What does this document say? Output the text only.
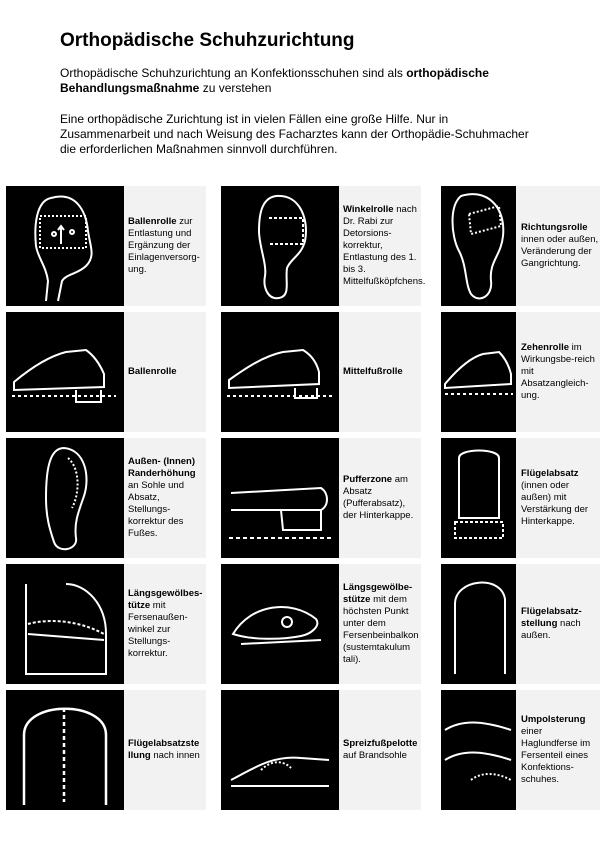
Orthopädische Schuhzurichtung

Orthopädische Schuhzurichtung an Konfektionsschuhen sind als orthopädische Behandlungsmaßnahme zu verstehen

Eine orthopädische Zurichtung ist in vielen Fällen eine große Hilfe. Nur in Zusammenarbeit und nach Weisung des Facharztes kann der Orthopädie-Schuhmacher die erforderlichen Maßnahmen sinnvoll durchführen.

Ballenrolle zur Entlastung und Ergänzung der Einlagenversorg-ung.
Winkelrolle nach Dr. Rabi zur Detorsions-korrektur, Entlastung des 1. bis 3. Mittelfußköpfchens.
Richtungsrolle innen oder außen, Veränderung der Gangrichtung.
Ballenrolle	Mittelfußrolle
Zehenrolle im Wirkungsbe-reich mit Absatzangleich-ung.
Außen- (Innen) Randerhöhung an Sohle und Absatz, Stellungs-korrektur des Fußes.
Pufferzone am Absatz (Pufferabsatz), der Hinterkappe.
Flügelabsatz (innen oder außen) mit Verstärkung der Hinterkappe.
Längsgewölbes-tütze mit Fersenaußen-winkel zur Stellungs-korrektur.
Längsgewölbe-stütze mit dem höchsten Punkt unter dem Fersenbeinbalkon (sustemtakulum tali).
Flügelabsatz-stellung nach außen.
Flügelabsatzste llung nach innen
Spreizfußpelotte auf Brandsohle
Umpolsterung einer Haglundferse im Fersenteil eines Konfektions-schuhes.
